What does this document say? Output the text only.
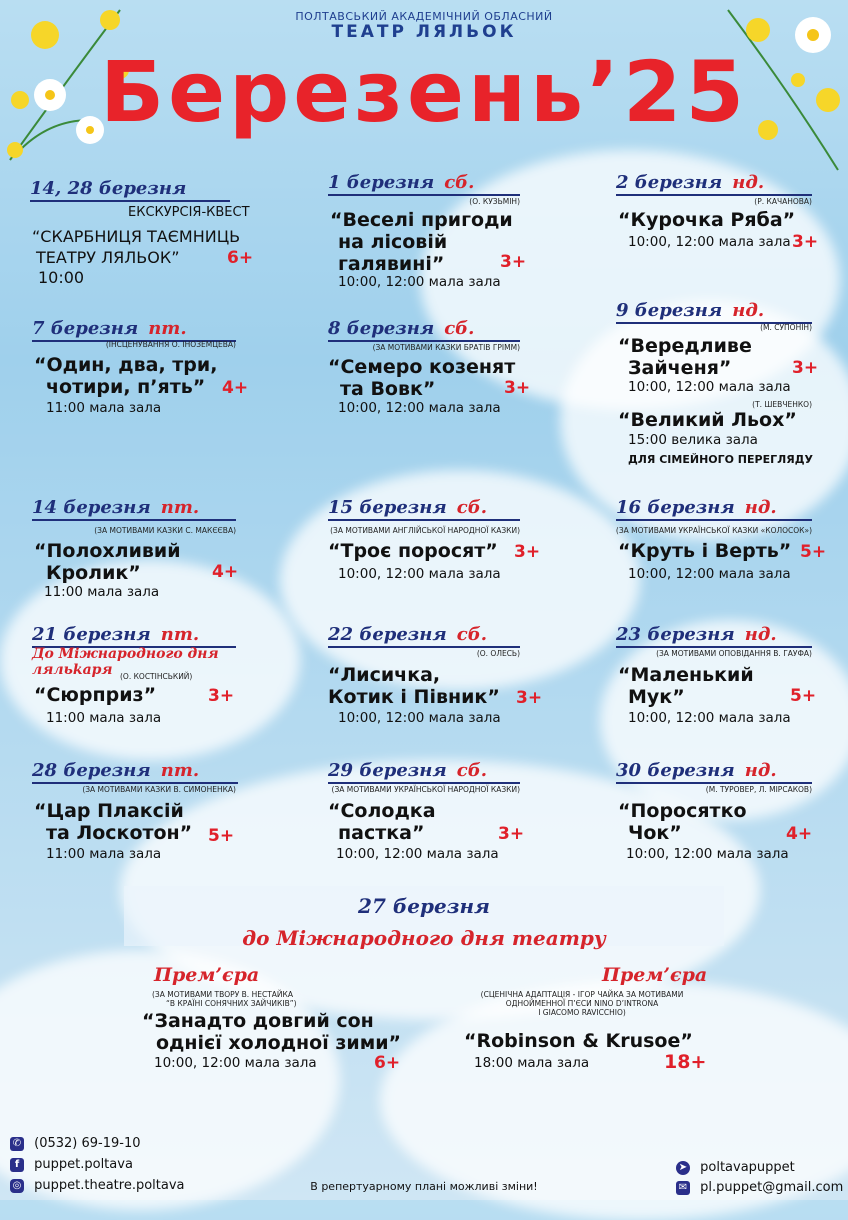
ПОЛТАВСЬКИЙ АКАДЕМІЧНИЙ ОБЛАСНИЙ
ТЕАТР ЛЯЛЬОК
Березень’25
14, 28 березня
ЕКСКУРСІЯ-КВЕСТ
“СКАРБНИЦЯ ТАЄМНИЦЬ
ТЕАТРУ ЛЯЛЬОК”	6+
10:00
7 березня пт.
(ІНСЦЕНУВАННЯ О. ІНОЗЕМЦЕВА)
“Один, два, три,
чотири, п’ять” 4+
11:00 мала зала
14 березня пт.
(ЗА МОТИВАМИ КАЗКИ С. МАКЄЄВА)
“Полохливий
Кролик”	4+
11:00 мала зала
21 березня пт.
До Міжнародного дня
ляльkаря (О. КОСТІНСЬКИЙ)
“Сюрприз”	3+
11:00 мала зала
28 березня пт.
(ЗА МОТИВАМИ КАЗКИ В. СИМОНЕНКА)
“Цар Плаксій
та Лоскотон” 5+
11:00 мала зала
1 березня сб.
(О. КУЗЬМІН)
“Веселі пригоди
на лісовій
галявині”	3+
10:00, 12:00 мала зала
8 березня сб.
(ЗА МОТИВАМИ КАЗКИ БРАТІВ ГРІММ)
“Семеро козенят
та Вовк”	3+
10:00, 12:00 мала зала
15 березня сб.
(ЗА МОТИВАМИ АНГЛІЙСЬКОЇ НАРОДНОЇ КАЗКИ)
“Троє поросят” 3+
10:00, 12:00 мала зала
22 березня сб.
(О. ОЛЕСЬ)
“Лисичка,
Котик і Півник” 3+
10:00, 12:00 мала зала
29 березня сб.
(ЗА МОТИВАМИ УКРАЇНСЬКОЇ НАРОДНОЇ КАЗКИ)
“Солодка
пастка”	3+
10:00, 12:00 мала зала
2 березня нд.
(Р. КАЧАНОВА)
“Курочка Ряба”
10:00, 12:00 мала зала 3+
9 березня нд.
(М. СУПОНІН)
“Вередливе
Зайченя”	3+
10:00, 12:00 мала зала
(Т. ШЕВЧЕНКО)
“Великий Льох”
15:00 велика зала
ДЛЯ СІМЕЙНОГО ПЕРЕГЛЯДУ
16 березня нд.
(ЗА МОТИВАМИ УКРАЇНСЬКОЇ КАЗКИ «КОЛОСОК»)
“Круть і Верть” 5+
10:00, 12:00 мала зала
23 березня нд.
(ЗА МОТИВАМИ ОПОВІДАННЯ В. ГАУФА)
“Маленький
Мук”	5+
10:00, 12:00 мала зала
30 березня нд.
(М. ТУРОВЕР, Л. МІРСАКОВ)
“Поросятко
Чок”	4+
10:00, 12:00 мала зала
27 березня
до Міжнародного дня театру
Прем’єра
(ЗА МОТИВАМИ ТВОРУ В. НЕСТАЙКА
“В КРАЇНІ СОНЯЧНИХ ЗАЙЧИКІВ”)
“Занадто довгий сон
однієї холодної зими”
10:00, 12:00 мала зала	6+
Прем’єра
(СЦЕНІЧНА АДАПТАЦІЯ - ІГОР ЧАЙКА ЗА МОТИВАМИ
ОДНОЙМЕННОЇ П’ЄСИ NINO D’INTRONA
І GIACOMO RAVICCHIO)
“Robinson & Krusoe”
18:00 мала зала	18+
✆ (0532) 69-19-10
f puppet.poltava
◎ puppet.theatre.poltava	В репертуарному плані можливі зміни!
➤ poltavapuppet
✉ pl.puppet@gmail.com
